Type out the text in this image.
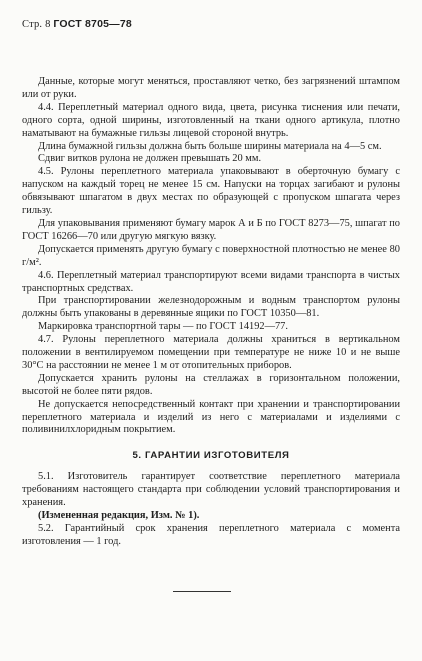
Стр. 8 ГОСТ 8705—78

Данные, которые могут меняться, проставляют четко, без загрязнений штампом или от руки.

4.4. Переплетный материал одного вида, цвета, рисунка тиснения или печати, одного сорта, одной ширины, изготовленный на ткани одного артикула, плотно наматывают на бумажные гильзы лицевой стороной внутрь.

Длина бумажной гильзы должна быть больше ширины материала на 4—5 см.

Сдвиг витков рулона не должен превышать 20 мм.

4.5. Рулоны переплетного материала упаковывают в оберточную бумагу с напуском на каждый торец не менее 15 см. Напуски на торцах загибают и рулоны обвязывают шпагатом в двух местах по образующей с пропуском шпагата через гильзу.

Для упаковывания применяют бумагу марок А и Б по ГОСТ 8273—75, шпагат по ГОСТ 16266—70 или другую мягкую вязку.

Допускается применять другую бумагу с поверхностной плотностью не менее 80 г/м².

4.6. Переплетный материал транспортируют всеми видами транспорта в чистых транспортных средствах.

При транспортировании железнодорожным и водным транспортом рулоны должны быть упакованы в деревянные ящики по ГОСТ 10350—81.

Маркировка транспортной тары — по ГОСТ 14192—77.

4.7. Рулоны переплетного материала должны храниться в вертикальном положении в вентилируемом помещении при температуре не ниже 10 и не выше 30°С на расстоянии не менее 1 м от отопительных приборов.

Допускается хранить рулоны на стеллажах в горизонтальном положении, высотой не более пяти рядов.

Не допускается непосредственный контакт при хранении и транспортировании переплетного материала и изделий из него с материалами и изделиями с поливинилхлоридным покрытием.

5. ГАРАНТИИ ИЗГОТОВИТЕЛЯ

5.1. Изготовитель гарантирует соответствие переплетного материала требованиям настоящего стандарта при соблюдении условий транспортирования и хранения.

(Измененная редакция, Изм. № 1).

5.2. Гарантийный срок хранения переплетного материала с момента изготовления — 1 год.
